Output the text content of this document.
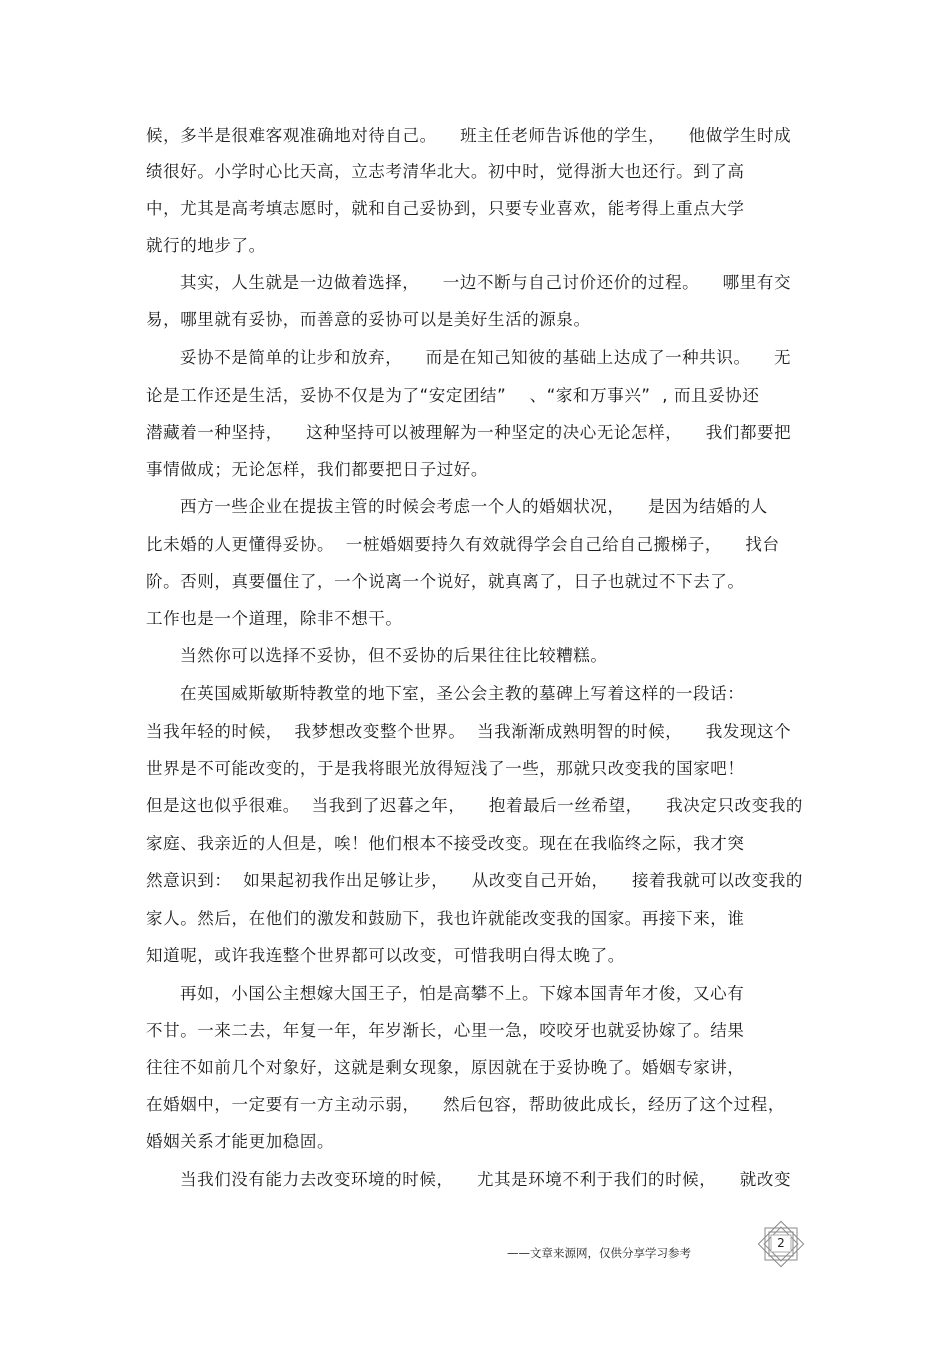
候，多半是很难客观准确地对待自己。    班主任老师告诉他的学生，    他做学生时成
绩很好。小学时心比天高，立志考清华北大。初中时，觉得浙大也还行。到了高
中，尤其是高考填志愿时，就和自己妥协到，只要专业喜欢，能考得上重点大学
就行的地步了。
其实，人生就是一边做着选择，    一边不断与自己讨价还价的过程。    哪里有交
易，哪里就有妥协，而善意的妥协可以是美好生活的源泉。
妥协不是简单的让步和放弃，    而是在知己知彼的基础上达成了一种共识。    无
论是工作还是生活，妥协不仅是为了“安定团结”    、“家和万事兴”  , 而且妥协还
潜藏着一种坚持，    这种坚持可以被理解为一种坚定的决心无论怎样，    我们都要把
事情做成；无论怎样，我们都要把日子过好。
西方一些企业在提拔主管的时候会考虑一个人的婚姻状况，    是因为结婚的人
比未婚的人更懂得妥协。  一桩婚姻要持久有效就得学会自己给自己搬梯子，    找台
阶。否则，真要僵住了，一个说离一个说好，就真离了，日子也就过不下去了。
工作也是一个道理，除非不想干。
当然你可以选择不妥协，但不妥协的后果往往比较糟糕。
在英国威斯敏斯特教堂的地下室，圣公会主教的墓碑上写着这样的一段话：
当我年轻的时候，  我梦想改变整个世界。  当我渐渐成熟明智的时候，    我发现这个
世界是不可能改变的，于是我将眼光放得短浅了一些，那就只改变我的国家吧！
但是这也似乎很难。  当我到了迟暮之年，    抱着最后一丝希望，    我决定只改变我的
家庭、我亲近的人但是，唉！他们根本不接受改变。现在在我临终之际，我才突
然意识到：  如果起初我作出足够让步，    从改变自己开始，    接着我就可以改变我的
家人。然后，在他们的激发和鼓励下，我也许就能改变我的国家。再接下来，谁
知道呢，或许我连整个世界都可以改变，可惜我明白得太晚了。
再如，小国公主想嫁大国王子，怕是高攀不上。下嫁本国青年才俊，又心有
不甘。一来二去，年复一年，年岁渐长，心里一急，咬咬牙也就妥协嫁了。结果
往往不如前几个对象好，这就是剩女现象，原因就在于妥协晚了。婚姻专家讲，
在婚姻中，一定要有一方主动示弱，    然后包容，帮助彼此成长，经历了这个过程，
婚姻关系才能更加稳固。
当我们没有能力去改变环境的时候，    尤其是环境不利于我们的时候，    就改变
——文章来源网，仅供分享学习参考
2
